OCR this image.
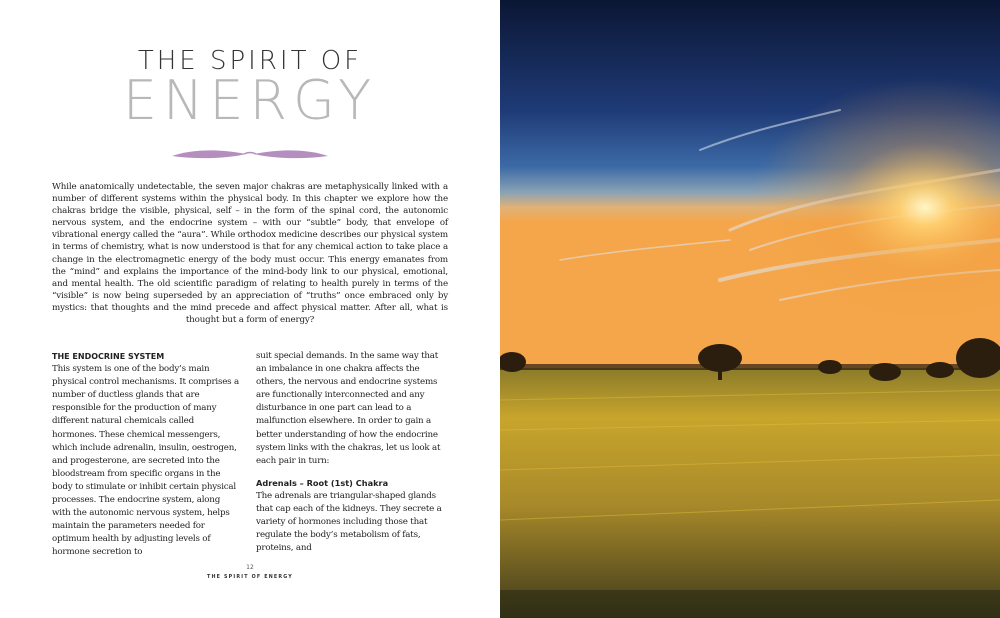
THE SPIRIT OF
ENERGY
While anatomically undetectable, the seven major chakras are metaphysically linked with a number of different systems within the physical body. In this chapter we explore how the chakras bridge the visible, physical, self – in the form of the spinal cord, the autonomic nervous system, and the endocrine system – with our “subtle” body, that envelope of vibrational energy called the “aura”. While orthodox medicine describes our physical system in terms of chemistry, what is now understood is that for any chemical action to take place a change in the electromagnetic energy of the body must occur. This energy emanates from the “mind” and explains the importance of the mind-body link to our physical, emotional, and mental health. The old scientific paradigm of relating to health purely in terms of the “visible” is now being superseded by an appreciation of “truths” once embraced only by mystics: that thoughts and the mind precede and affect physical matter. After all, what is thought but a form of energy?
THE ENDOCRINE SYSTEM

This system is one of the body’s main physical control mechanisms. It comprises a number of ductless glands that are responsible for the production of many different natural chemicals called hormones. These chemical messengers, which include adrenalin, insulin, oestrogen, and progesterone, are secreted into the bloodstream from specific organs in the body to stimulate or inhibit certain physical processes. The endocrine system, along with the autonomic nervous system, helps maintain the parameters needed for optimum health by adjusting levels of hormone secretion to

suit special demands. In the same way that an imbalance in one chakra affects the others, the nervous and endocrine systems are functionally interconnected and any disturbance in one part can lead to a malfunction elsewhere. In order to gain a better understanding of how the endocrine system links with the chakras, let us look at each pair in turn:

Adrenals – Root (1st) Chakra

The adrenals are triangular-shaped glands that cap each of the kidneys. They secrete a variety of hormones including those that regulate the body’s metabolism of fats, proteins, and

12
THE SPIRIT OF ENERGY
